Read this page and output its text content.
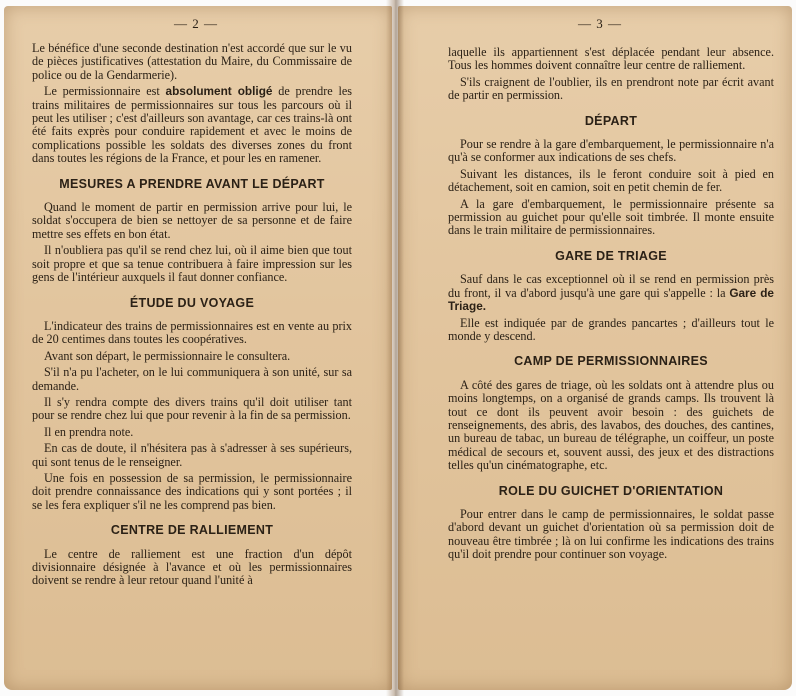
— 2 —

Le bénéfice d'une seconde destination n'est accordé que sur le vu de pièces justificatives (attestation du Maire, du Commissaire de police ou de la Gendarmerie).

Le permissionnaire est absolument obligé de prendre les trains militaires de permissionnaires sur tous les parcours où il peut les utiliser ; c'est d'ailleurs son avantage, car ces trains-là ont été faits exprès pour conduire rapidement et avec le moins de complications possible les soldats des diverses zones du front dans toutes les régions de la France, et pour les en ramener.

MESURES A PRENDRE AVANT LE DÉPART

Quand le moment de partir en permission arrive pour lui, le soldat s'occupera de bien se nettoyer de sa personne et de faire mettre ses effets en bon état.

Il n'oubliera pas qu'il se rend chez lui, où il aime bien que tout soit propre et que sa tenue contribuera à faire impression sur les gens de l'intérieur auxquels il faut donner confiance.

ÉTUDE DU VOYAGE

L'indicateur des trains de permissionnaires est en vente au prix de 20 centimes dans toutes les coopératives.

Avant son départ, le permissionnaire le consultera.

S'il n'a pu l'acheter, on le lui communiquera à son unité, sur sa demande.

Il s'y rendra compte des divers trains qu'il doit utiliser tant pour se rendre chez lui que pour revenir à la fin de sa permission.

Il en prendra note.

En cas de doute, il n'hésitera pas à s'adresser à ses supérieurs, qui sont tenus de le renseigner.

Une fois en possession de sa permission, le permissionnaire doit prendre connaissance des indications qui y sont portées ; il se les fera expliquer s'il ne les comprend pas bien.

CENTRE DE RALLIEMENT

Le centre de ralliement est une fraction d'un dépôt divisionnaire désignée à l'avance et où les permissionnaires doivent se rendre à leur retour quand l'unité à

— 3 —

laquelle ils appartiennent s'est déplacée pendant leur absence. Tous les hommes doivent connaître leur centre de ralliement.

S'ils craignent de l'oublier, ils en prendront note par écrit avant de partir en permission.

DÉPART

Pour se rendre à la gare d'embarquement, le permissionnaire n'a qu'à se conformer aux indications de ses chefs.

Suivant les distances, ils le feront conduire soit à pied en détachement, soit en camion, soit en petit chemin de fer.

A la gare d'embarquement, le permissionnaire présente sa permission au guichet pour qu'elle soit timbrée. Il monte ensuite dans le train militaire de permissionnaires.

GARE DE TRIAGE

Sauf dans le cas exceptionnel où il se rend en permission près du front, il va d'abord jusqu'à une gare qui s'appelle : la Gare de Triage.

Elle est indiquée par de grandes pancartes ; d'ailleurs tout le monde y descend.

CAMP DE PERMISSIONNAIRES

A côté des gares de triage, où les soldats ont à attendre plus ou moins longtemps, on a organisé de grands camps. Ils trouvent là tout ce dont ils peuvent avoir besoin : des guichets de renseignements, des abris, des lavabos, des douches, des cantines, un bureau de tabac, un bureau de télégraphe, un coiffeur, un poste médical de secours et, souvent aussi, des jeux et des distractions telles qu'un cinématographe, etc.

ROLE DU GUICHET D'ORIENTATION

Pour entrer dans le camp de permissionnaires, le soldat passe d'abord devant un guichet d'orientation où sa permission doit de nouveau être timbrée ; là on lui confirme les indications des trains qu'il doit prendre pour continuer son voyage.
